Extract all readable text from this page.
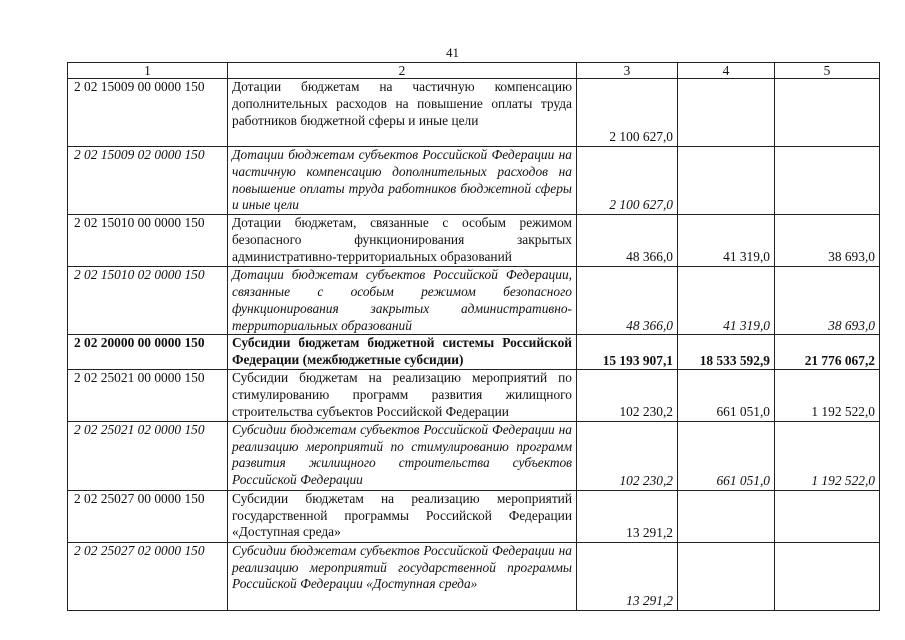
41
1	2	3	4	5
2 02 15009 00 0000 150	Дотации бюджетам на частичную компенсацию дополнительных расходов на повышение оплаты труда работников бюджетной сферы и иные цели	2 100 627,0		
2 02 15009 02 0000 150	Дотации бюджетам субъектов Российской Федерации на частичную компенсацию дополнительных расходов на повышение оплаты труда работников бюджетной сферы и иные цели	2 100 627,0		
2 02 15010 00 0000 150	Дотации бюджетам, связанные с особым режимом безопасного функционирования закрытых административно-территориальных образований	48 366,0	41 319,0	38 693,0
2 02 15010 02 0000 150	Дотации бюджетам субъектов Российской Федерации, связанные с особым режимом безопасного функционирования закрытых административно-территориальных образований	48 366,0	41 319,0	38 693,0
2 02 20000 00 0000 150	Субсидии бюджетам бюджетной системы Российской Федерации (межбюджетные субсидии)	15 193 907,1	18 533 592,9	21 776 067,2
2 02 25021 00 0000 150	Субсидии бюджетам на реализацию мероприятий по стимулированию программ развития жилищного строительства субъектов Российской Федерации	102 230,2	661 051,0	1 192 522,0
2 02 25021 02 0000 150	Субсидии бюджетам субъектов Российской Федерации на реализацию мероприятий по стимулированию программ развития жилищного строительства субъектов Российской Федерации	102 230,2	661 051,0	1 192 522,0
2 02 25027 00 0000 150	Субсидии бюджетам на реализацию мероприятий государственной программы Российской Федерации «Доступная среда»	13 291,2		
2 02 25027 02 0000 150	Субсидии бюджетам субъектов Российской Федерации на реализацию мероприятий государственной программы Российской Федерации «Доступная среда»	13 291,2		
